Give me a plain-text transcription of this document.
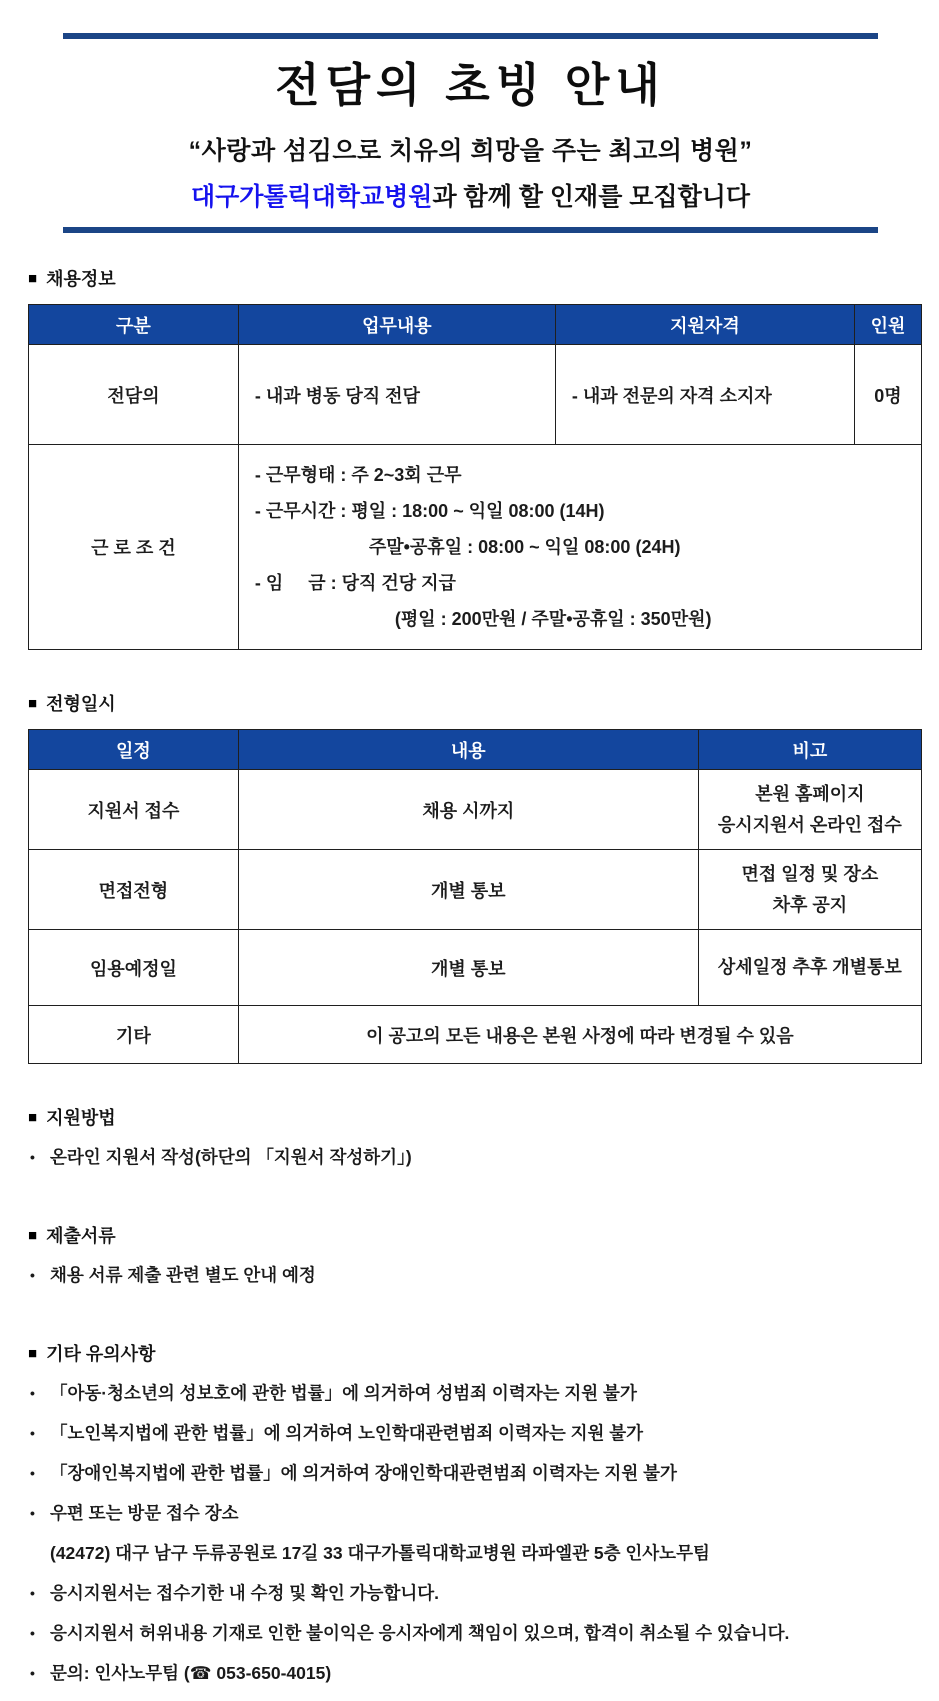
전담의 초빙 안내
“사랑과 섬김으로 치유의 희망을 주는 최고의 병원”
대구가톨릭대학교병원과 함께 할 인재를 모집합니다
■ 채용정보
구분	업무내용	지원자격	인원
전담의	- 내과 병동 당직 전담	- 내과 전문의 자격 소지자	0명
근 로 조 건	- 근무형태 : 주 2~3회 근무
- 근무시간 : 평일 : 18:00 ~ 익일 08:00 (14H)
주말•공휴일 : 08:00 ~ 익일 08:00 (24H)
- 임     금 : 당직 건당 지급
(평일 : 200만원 / 주말•공휴일 : 350만원)		
■ 전형일시
일정	내용	비고
지원서 접수	채용 시까지	본원 홈페이지
응시지원서 온라인 접수

면접전형	개별 통보	면접 일정 및 장소
차후 공지

임용예정일	개별 통보	상세일정 추후 개별통보

기타	이 공고의 모든 내용은 본원 사정에 따라 변경될 수 있음	
■ 지원방법
• 온라인 지원서 작성(하단의 「지원서 작성하기」)
■ 제출서류
• 채용 서류 제출 관련 별도 안내 예정
■ 기타 유의사항
• 「아동·청소년의 성보호에 관한 법률」에 의거하여 성범죄 이력자는 지원 불가
• 「노인복지법에 관한 법률」에 의거하여 노인학대관련범죄 이력자는 지원 불가
• 「장애인복지법에 관한 법률」에 의거하여 장애인학대관련범죄 이력자는 지원 불가
• 우편 또는 방문 접수 장소
(42472) 대구 남구 두류공원로 17길 33 대구가톨릭대학교병원 라파엘관 5층 인사노무팀
• 응시지원서는 접수기한 내 수정 및 확인 가능합니다.
• 응시지원서 허위내용 기재로 인한 불이익은 응시자에게 책임이 있으며, 합격이 취소될 수 있습니다.
• 문의: 인사노무팀 (☎ 053-650-4015)
